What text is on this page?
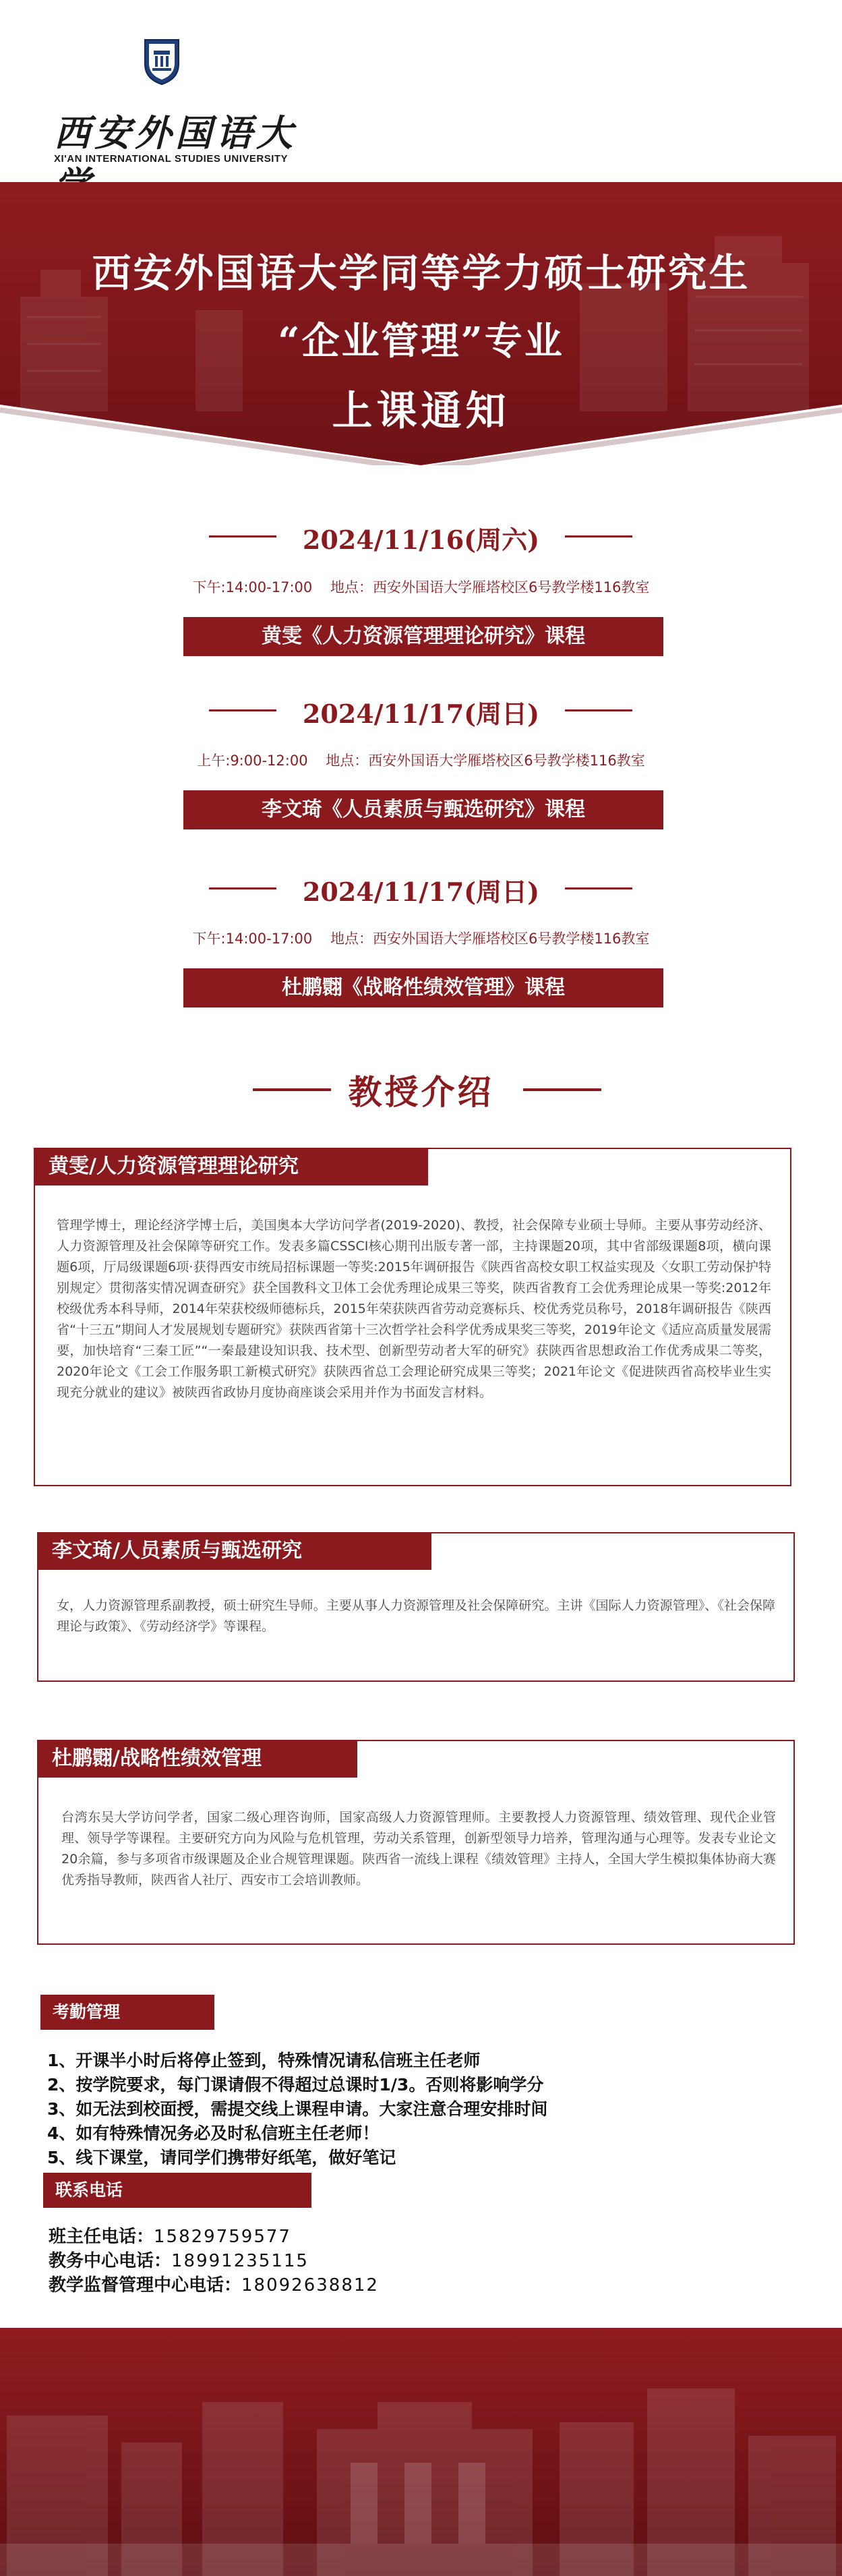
西安外国语大
XI'AN INTERNATIONAL STUDIES UNIVERSITY
西安外国语大学同等学力硕士研究生
“企业管理”专业
上课通知
2024/11/16(周六)
下午:14:00-17:00 地点：西安外国语大学雁塔校区6号教学楼116教室
黄雯《人力资源管理理论研究》课程
2024/11/17(周日)
上午:9:00-12:00 地点：西安外国语大学雁塔校区6号教学楼116教室
李文琦《人员素质与甄选研究》课程
2024/11/17(周日)
下午:14:00-17:00 地点：西安外国语大学雁塔校区6号教学楼116教室
杜鹏翾《战略性绩效管理》课程
教授介绍
黄雯/人力资源管理理论研究
管理学博士，理论经济学博士后，美国奥本大学访问学者(2019-2020)、教授，社会保障专业硕士导师。主要从事劳动经济、人力资源管理及社会保障等研究工作。发表多篇CSSCI核心期刊出版专著一部，主持课题20项，其中省部级课题8项，横向课题6项，厅局级课题6项·获得西安市统局招标课题一等奖:2015年调研报告《陕西省高校女职工权益实现及〈女职工劳动保护特别规定〉贯彻落实情况调查研究》获全国教科文卫体工会优秀理论成果三等奖，陕西省教育工会优秀理论成果一等奖:2012年校级优秀本科导师，2014年荣获校级师德标兵，2015年荣获陕西省劳动竞赛标兵、校优秀党员称号，2018年调研报告《陕西省“十三五”期间人才发展规划专题研究》获陕西省第十三次哲学社会科学优秀成果奖三等奖，2019年论文《适应高质量发展需要，加快培育“三秦工匠”“一秦最建设知识我、技术型、创新型劳动者大军的研究》获陕西省思想政治工作优秀成果二等奖，2020年论文《工会工作服务职工新模式研究》获陕西省总工会理论研究成果三等奖；2021年论文《促进陕西省高校毕业生实现充分就业的建议》被陕西省政协月度协商座谈会采用并作为书面发言材料。
李文琦/人员素质与甄选研究
女，人力资源管理系副教授，硕士研究生导师。主要从事人力资源管理及社会保障研究。主讲《国际人力资源管理》、《社会保障理论与政策》、《劳动经济学》等课程。
杜鹏翾/战略性绩效管理
台湾东吴大学访问学者，国家二级心理咨询师，国家高级人力资源管理师。主要教授人力资源管理、绩效管理、现代企业管理、领导学等课程。主要研究方向为风险与危机管理，劳动关系管理，创新型领导力培养，管理沟通与心理等。发表专业论文20余篇，参与多项省市级课题及企业合规管理课题。陕西省一流线上课程《绩效管理》主持人，全国大学生模拟集体协商大赛优秀指导教师，陕西省人社厅、西安市工会培训教师。
考勤管理
1、开课半小时后将停止签到，特殊情况请私信班主任老师
2、按学院要求，每门课请假不得超过总课时1/3。否则将影响学分
3、如无法到校面授，需提交线上课程申请。大家注意合理安排时间
4、如有特殊情况务必及时私信班主任老师！
5、线下课堂，请同学们携带好纸笔，做好笔记
联系电话
班主任电话：15829759577
教务中心电话：18991235115
教学监督管理中心电话：18092638812
